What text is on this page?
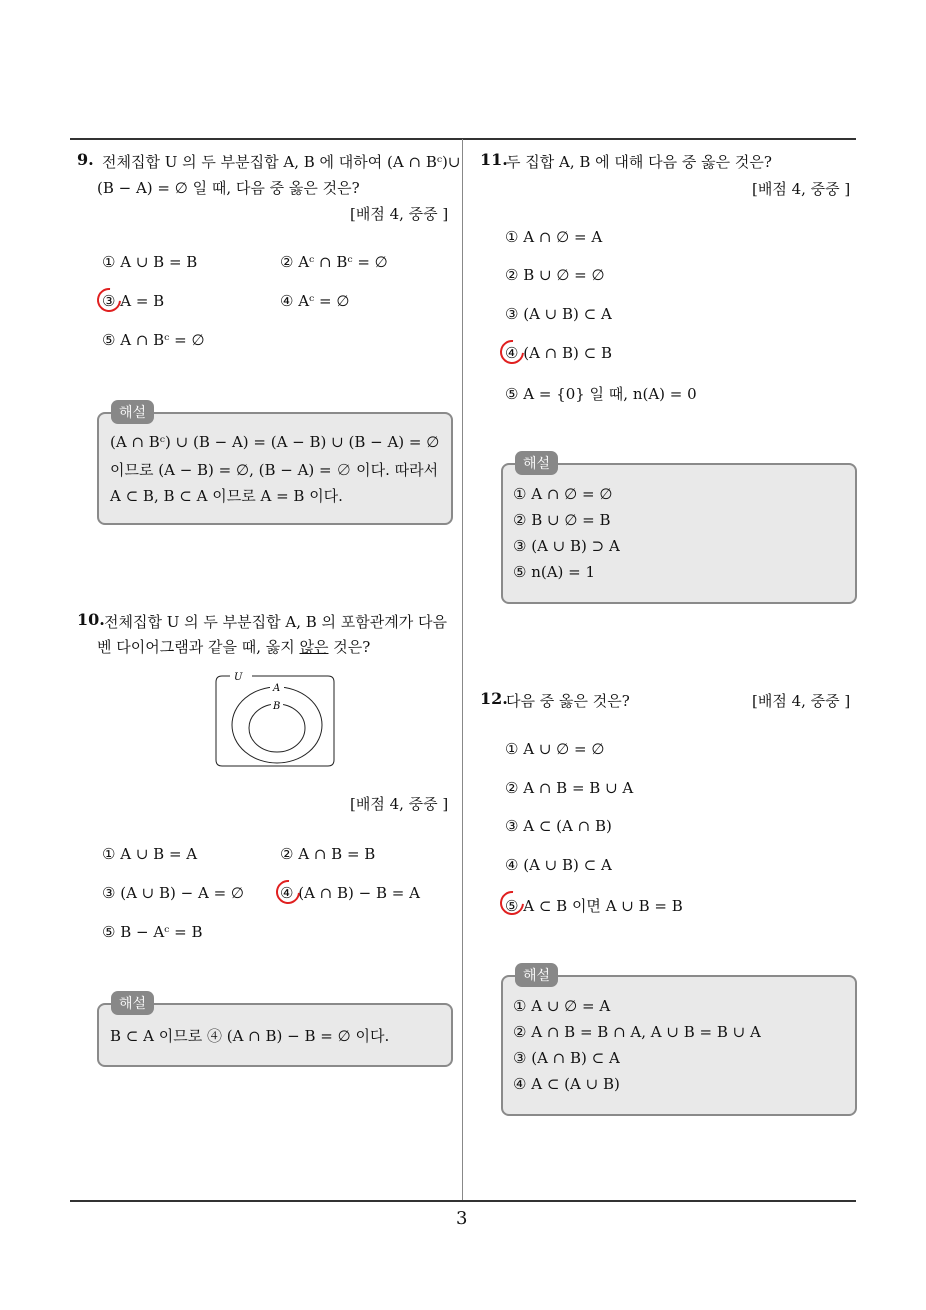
9. 전체집합 U 의 두 부분집합 A, B 에 대하여 (A ∩ Bᶜ)∪
(B − A) = ∅ 일 때, 다음 중 옳은 것은?
[배점 4, 중중 ]
① A ∪ B = B	② Aᶜ ∩ Bᶜ = ∅
③ A = B	④ Aᶜ = ∅
⑤ A ∩ Bᶜ = ∅
해설
(A ∩ Bᶜ) ∪ (B − A) = (A − B) ∪ (B − A) = ∅
이므로 (A − B) = ∅, (B − A) = ∅ 이다. 따라서
A ⊂ B, B ⊂ A 이므로 A = B 이다.
10. 전체집합 U 의 두 부분집합 A, B 의 포함관계가 다음
벤 다이어그램과 같을 때, 옳지 않은 것은?
U
A
B
[배점 4, 중중 ]
① A ∪ B = A	② A ∩ B = B
③ (A ∪ B) − A = ∅ ④ (A ∩ B) − B = A
⑤ B − Aᶜ = B
해설
B ⊂ A 이므로 ④ (A ∩ B) − B = ∅ 이다.
11.
두 집합 A, B 에 대해 다음 중 옳은 것은?
[배점 4, 중중 ]
① A ∩ ∅ = A
② B ∪ ∅ = ∅
③ (A ∪ B) ⊂ A
④ (A ∩ B) ⊂ B
⑤ A = {0} 일 때, n(A) = 0
해설
① A ∩ ∅ = ∅
② B ∪ ∅ = B
③ (A ∪ B) ⊃ A
⑤ n(A) = 1
12.
다음 중 옳은 것은?	[배점 4, 중중 ]
① A ∪ ∅ = ∅
② A ∩ B = B ∪ A
③ A ⊂ (A ∩ B)
④ (A ∪ B) ⊂ A
⑤ A ⊂ B 이면 A ∪ B = B
해설
① A ∪ ∅ = A
② A ∩ B = B ∩ A, A ∪ B = B ∪ A
③ (A ∩ B) ⊂ A
④ A ⊂ (A ∪ B)
3
